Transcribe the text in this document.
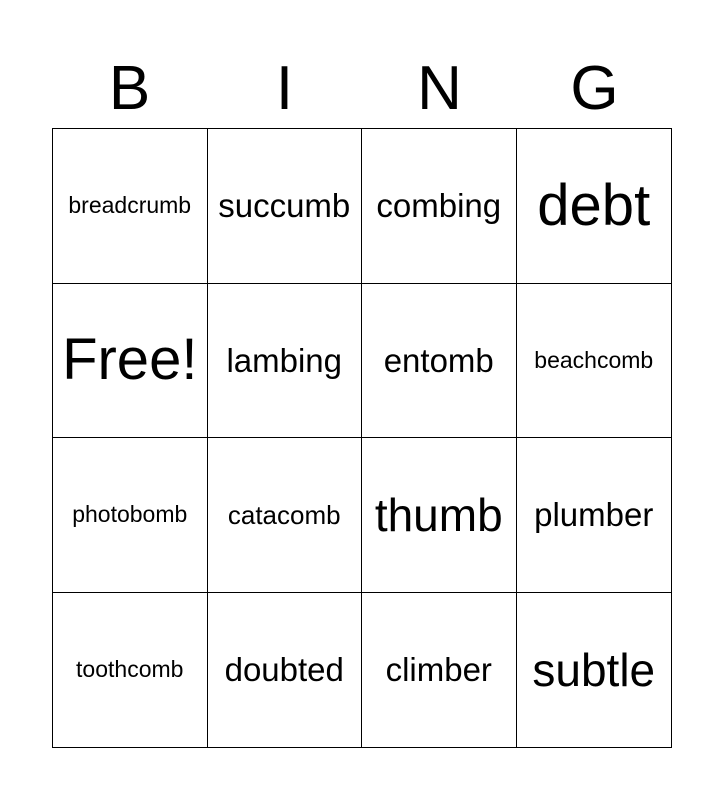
B	I	N	G
breadcrumb succumb combing debt
Free! lambing entomb beachcomb
photobomb catacomb thumb plumber
toothcomb doubted climber subtle
